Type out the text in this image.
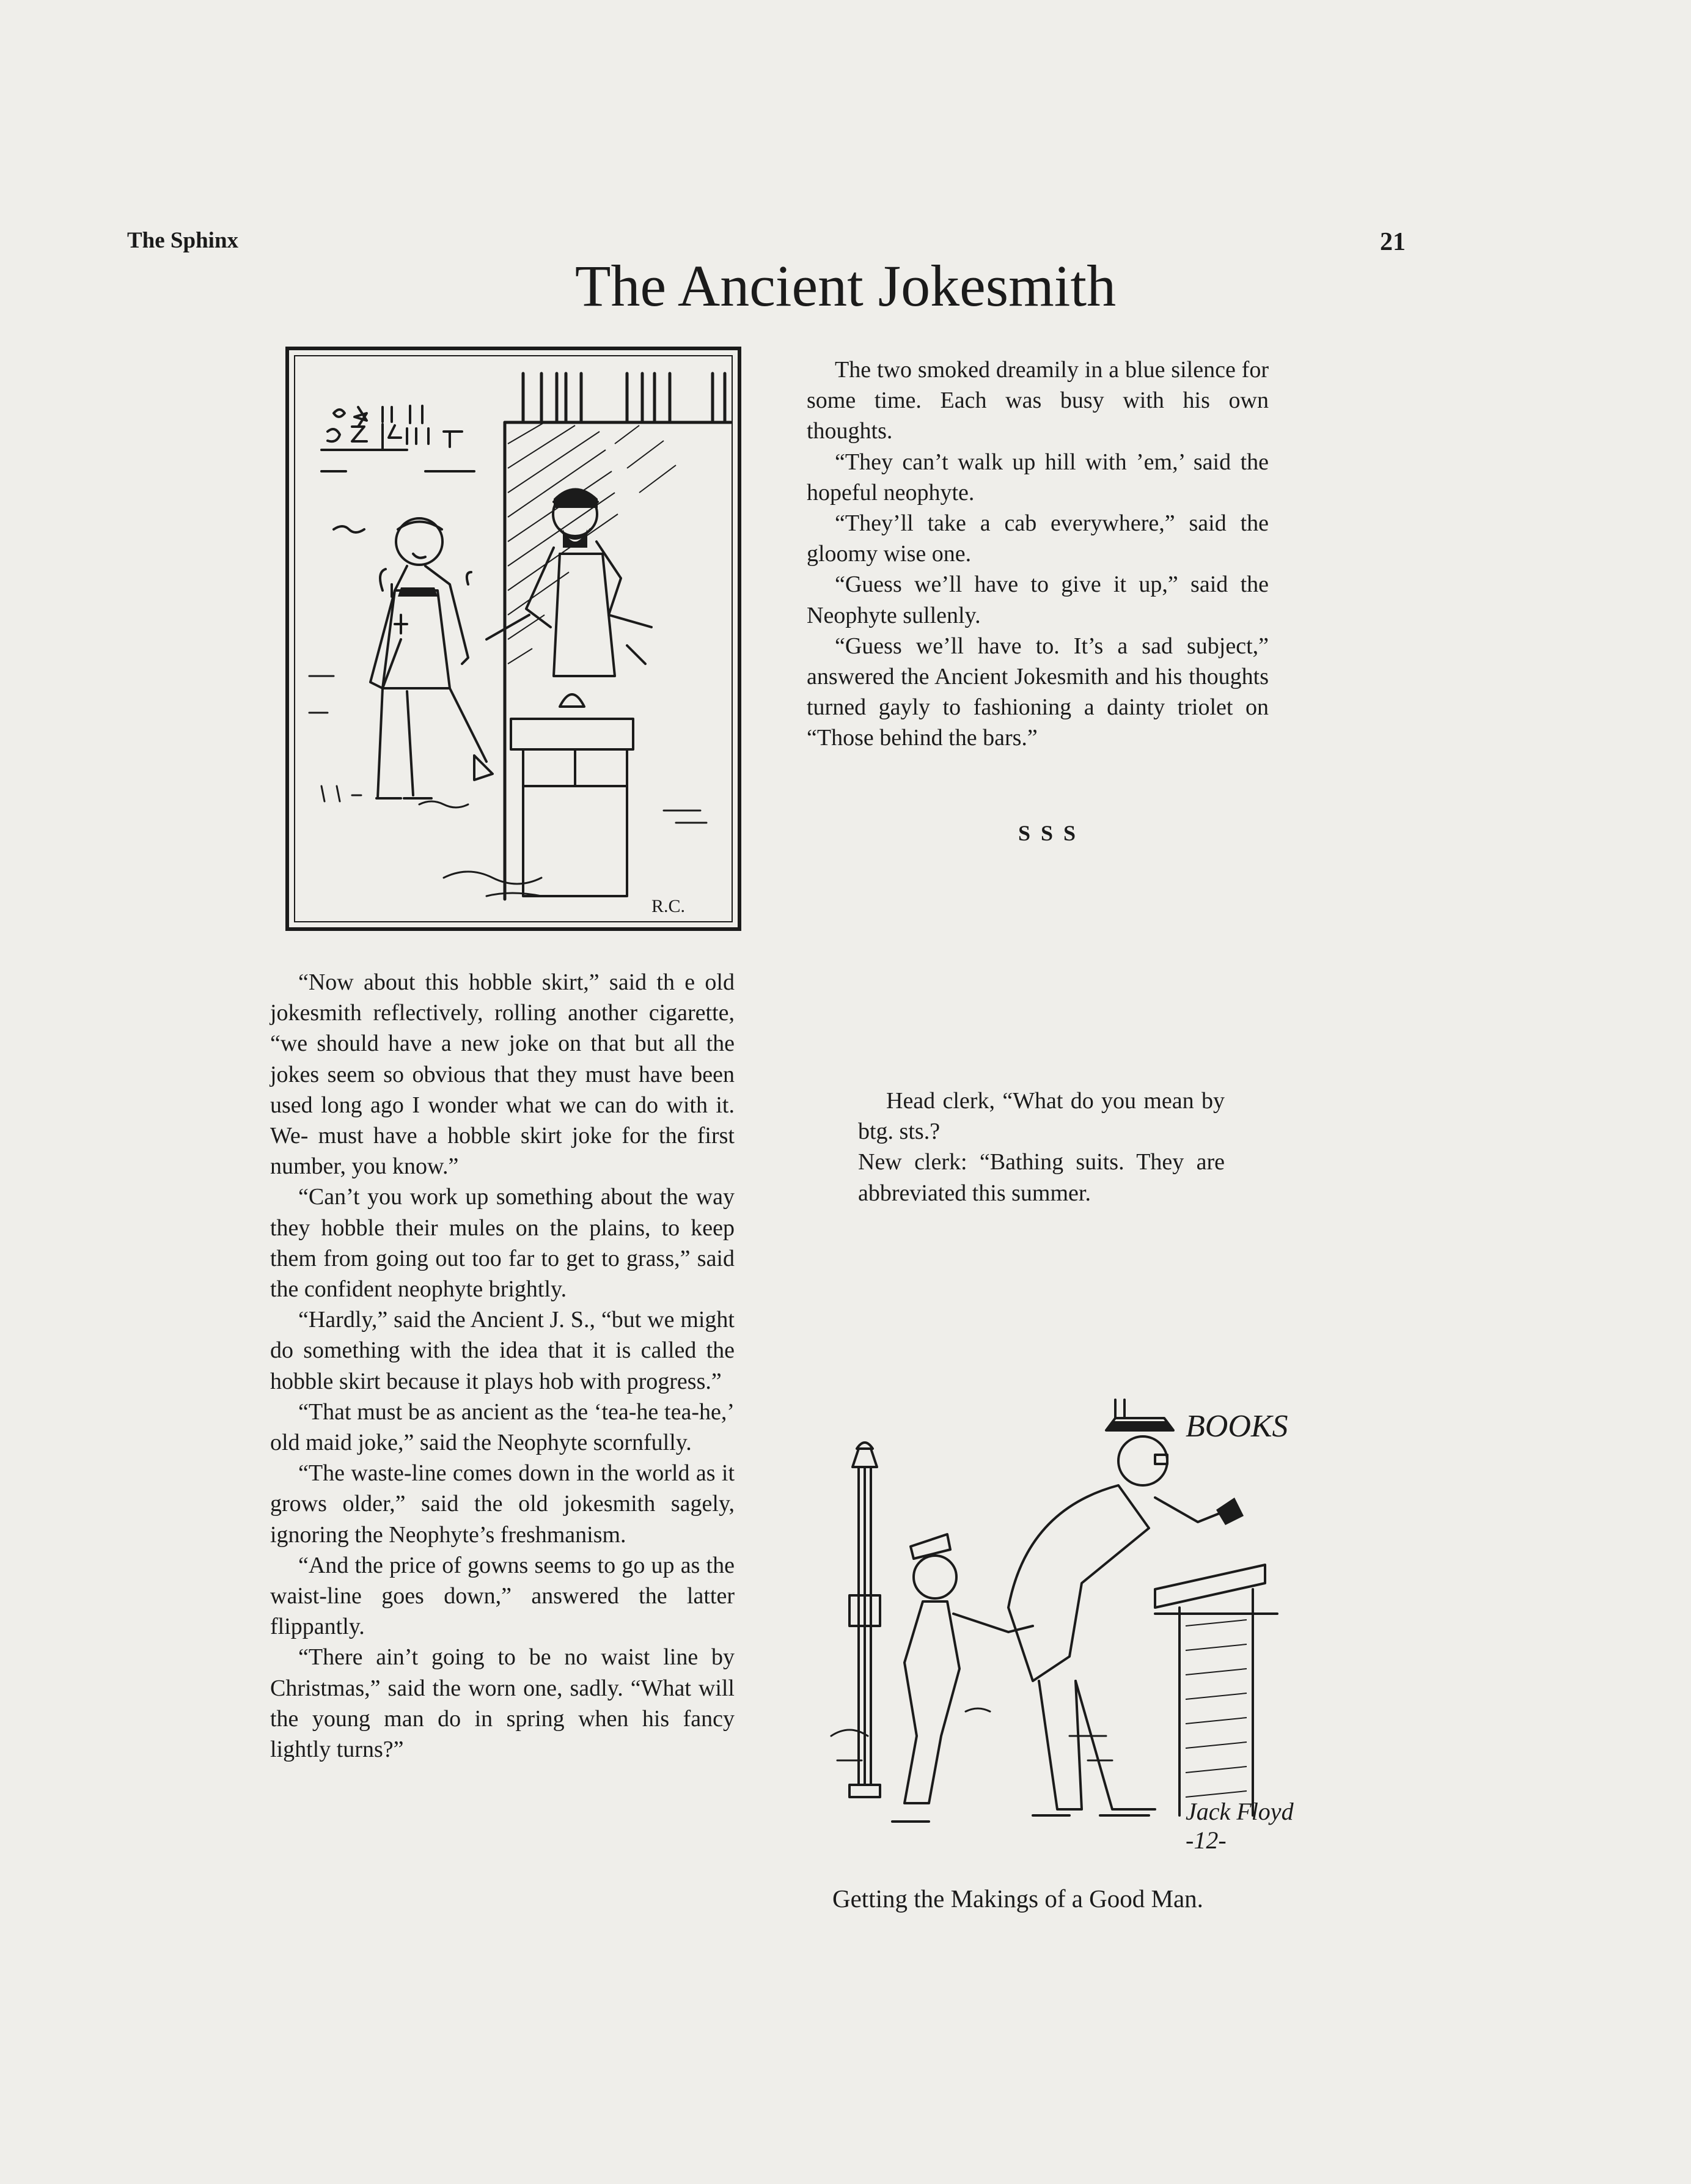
The Sphinx	21
The Ancient Jokesmith
R.C.

“Now about this hobble skirt,” said th e old jokesmith reflectively, rolling another cigarette, “we should have a new joke on that but all the jokes seem so obvious that they must have been used long ago I wonder what we can do with it. We- must have a hobble skirt joke for the first number, you know.”

“Can’t you work up something about the way they hobble their mules on the plains, to keep them from going out too far to get to grass,” said the confident neophyte brightly.

“Hardly,” said the Ancient J. S., “but we might do something with the idea that it is called the hobble skirt because it plays hob with progress.”

“That must be as ancient as the ‘tea-he tea-he,’ old maid joke,” said the Neophyte scornfully.

“The waste-line comes down in the world as it grows older,” said the old jokesmith sagely, ignoring the Neophyte’s freshmanism.

“And the price of gowns seems to go up as the waist-line goes down,” answered the latter flippantly.

“There ain’t going to be no waist line by Christmas,” said the worn one, sadly. “What will the young man do in spring when his fancy lightly turns?”

The two smoked dreamily in a blue silence for some time. Each was busy with his own thoughts.

“They can’t walk up hill with ’em,’ said the hopeful neophyte.

“They’ll take a cab everywhere,” said the gloomy wise one.

“Guess we’ll have to give it up,” said the Neophyte sullenly.

“Guess we’ll have to. It’s a sad subject,” answered the Ancient Jokesmith and his thoughts turned gayly to fashioning a dainty triolet on “Those behind the bars.”

S S S

Head clerk, “What do you mean by btg. sts.?

New clerk: “Bathing suits. They are abbreviated this summer.

BOOKS
Jack Floyd -12-
Getting the Makings of a Good Man.
